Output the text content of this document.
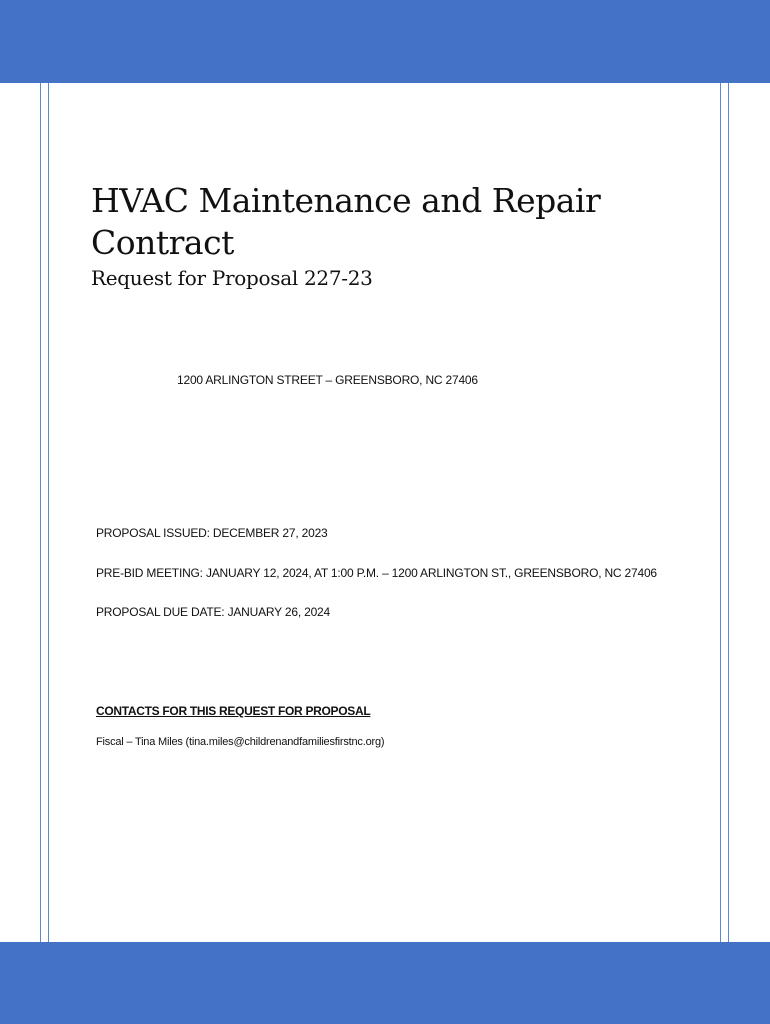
HVAC Maintenance and Repair Contract
Request for Proposal 227-23
1200 ARLINGTON STREET – GREENSBORO, NC 27406
PROPOSAL ISSUED: DECEMBER 27, 2023
PRE-BID MEETING: JANUARY 12, 2024, AT 1:00 P.M. – 1200 ARLINGTON ST., GREENSBORO, NC 27406
PROPOSAL DUE DATE: JANUARY 26, 2024
CONTACTS FOR THIS REQUEST FOR PROPOSAL
Fiscal – Tina Miles (tina.miles@childrenandfamiliesfirstnc.org)
